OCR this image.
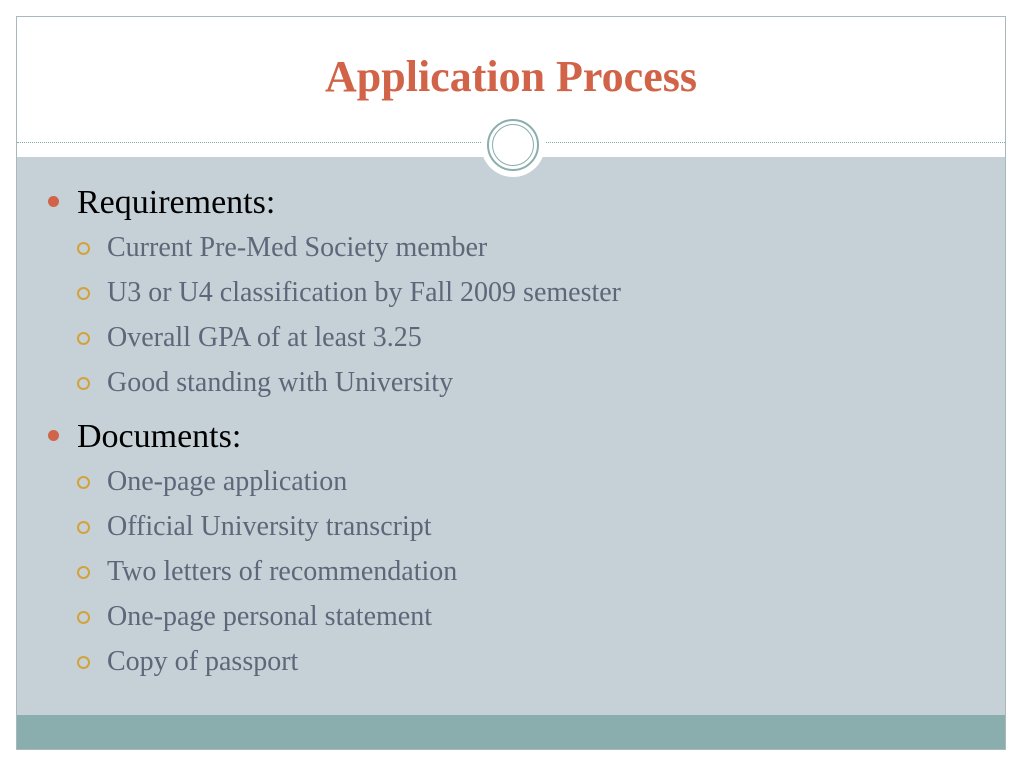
Application Process
Requirements:
Current Pre-Med Society member
U3 or U4 classification by Fall 2009 semester
Overall GPA of at least 3.25
Good standing with University
Documents:
One-page application
Official University transcript
Two letters of recommendation
One-page personal statement
Copy of passport
